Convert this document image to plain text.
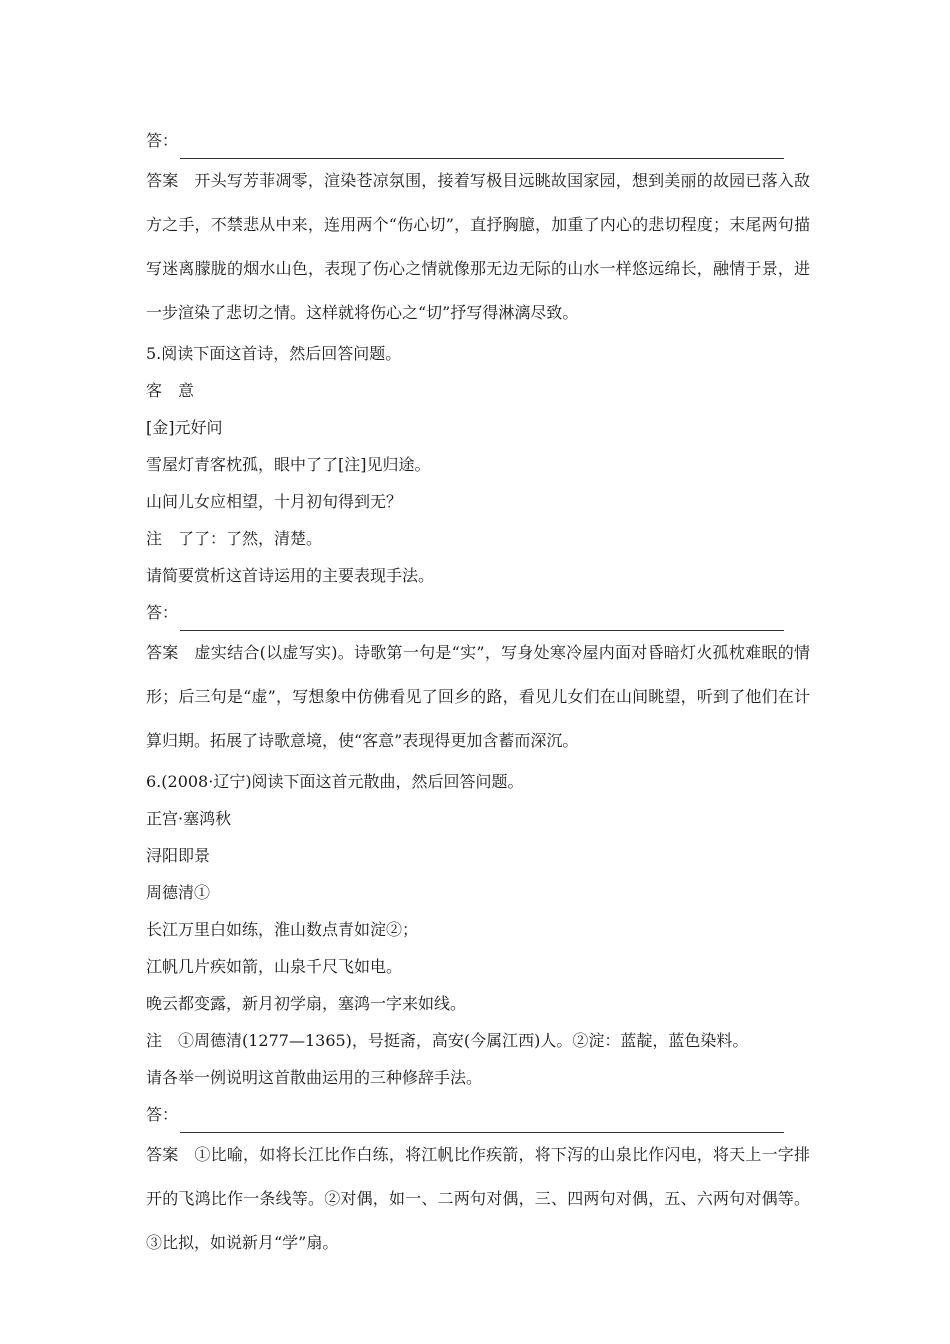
答：

答案 开头写芳菲凋零，渲染苍凉氛围，接着写极目远眺故国家园，想到美丽的故园已落入敌方之手，不禁悲从中来，连用两个“伤心切”，直抒胸臆，加重了内心的悲切程度；末尾两句描写迷离朦胧的烟水山色，表现了伤心之情就像那无边无际的山水一样悠远绵长，融情于景，进一步渲染了悲切之情。这样就将伤心之“切”抒写得淋漓尽致。

5.阅读下面这首诗，然后回答问题。
客　意
[金]元好问
雪屋灯青客枕孤，眼中了了[注]见归途。
山间儿女应相望，十月初旬得到无？
注　了了：了然，清楚。
请简要赏析这首诗运用的主要表现手法。
答：

答案 虚实结合(以虚写实)。诗歌第一句是“实”，写身处寒冷屋内面对昏暗灯火孤枕难眠的情形；后三句是“虚”，写想象中仿佛看见了回乡的路，看见儿女们在山间眺望，听到了他们在计算归期。拓展了诗歌意境，使“客意”表现得更加含蓄而深沉。

6.(2008·辽宁)阅读下面这首元散曲，然后回答问题。
正宫·塞鸿秋
浔阳即景
周德清①
长江万里白如练，淮山数点青如淀②；
江帆几片疾如箭，山泉千尺飞如电。
晚云都变露，新月初学扇，塞鸿一字来如线。
注　①周德清(1277—1365)，号挺斋，高安(今属江西)人。②淀：蓝靛，蓝色染料。
请各举一例说明这首散曲运用的三种修辞手法。
答：

答案 ①比喻，如将长江比作白练，将江帆比作疾箭，将下泻的山泉比作闪电，将天上一字排开的飞鸿比作一条线等。②对偶，如一、二两句对偶，三、四两句对偶，五、六两句对偶等。③比拟，如说新月“学”扇。
